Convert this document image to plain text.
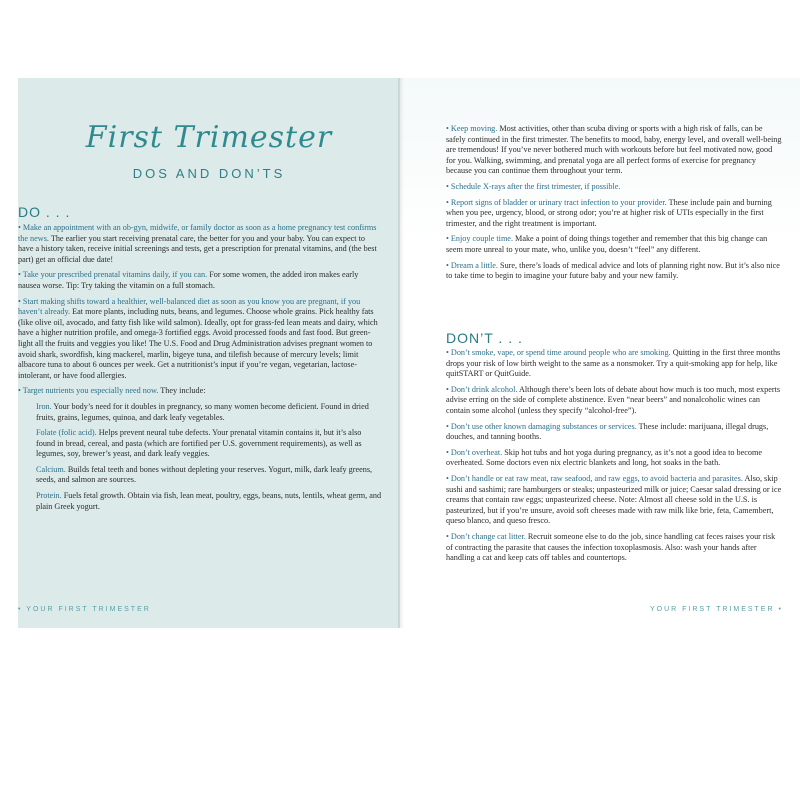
First Trimester
DOS AND DON’TS
DO . . .

• Make an appointment with an ob-gyn, midwife, or family doctor as soon as a home pregnancy test confirms the news. The earlier you start receiving prenatal care, the better for you and your baby. You can expect to have a history taken, receive initial screenings and tests, get a prescription for prenatal vitamins, and (the best part) get an official due date!

• Take your prescribed prenatal vitamins daily, if you can. For some women, the added iron makes early nausea worse. Tip: Try taking the vitamin on a full stomach.

• Start making shifts toward a healthier, well-balanced diet as soon as you know you are pregnant, if you haven’t already. Eat more plants, including nuts, beans, and legumes. Choose whole grains. Pick healthy fats (like olive oil, avocado, and fatty fish like wild salmon). Ideally, opt for grass-fed lean meats and dairy, which have a higher nutrition profile, and omega-3 fortified eggs. Avoid processed foods and fast food. But green-light all the fruits and veggies you like! The U.S. Food and Drug Administration advises pregnant women to avoid shark, swordfish, king mackerel, marlin, bigeye tuna, and tilefish because of mercury levels; limit albacore tuna to about 6 ounces per week. Get a nutritionist’s input if you’re vegan, vegetarian, lactose-intolerant, or have food allergies.

• Target nutrients you especially need now. They include:

Iron. Your body’s need for it doubles in pregnancy, so many women become deficient. Found in dried fruits, grains, legumes, quinoa, and dark leafy vegetables.

Folate (folic acid). Helps prevent neural tube defects. Your prenatal vitamin contains it, but it’s also found in bread, cereal, and pasta (which are fortified per U.S. government requirements), as well as legumes, soy, brewer’s yeast, and dark leafy veggies.

Calcium. Builds fetal teeth and bones without depleting your reserves. Yogurt, milk, dark leafy greens, seeds, and salmon are sources.

Protein. Fuels fetal growth. Obtain via fish, lean meat, poultry, eggs, beans, nuts, lentils, wheat germ, and plain Greek yogurt.

• Keep moving. Most activities, other than scuba diving or sports with a high risk of falls, can be safely continued in the first trimester. The benefits to mood, baby, energy level, and overall well-being are tremendous! If you’ve never bothered much with workouts before but feel motivated now, good for you. Walking, swimming, and prenatal yoga are all perfect forms of exercise for pregnancy because you can continue them throughout your term.

• Schedule X-rays after the first trimester, if possible.

• Report signs of bladder or urinary tract infection to your provider. These include pain and burning when you pee, urgency, blood, or strong odor; you’re at higher risk of UTIs especially in the first trimester, and the right treatment is important.

• Enjoy couple time. Make a point of doing things together and remember that this big change can seem more unreal to your mate, who, unlike you, doesn’t “feel” any different.

• Dream a little. Sure, there’s loads of medical advice and lots of planning right now. But it’s also nice to take time to begin to imagine your future baby and your new family.

DON’T . . .

• Don’t smoke, vape, or spend time around people who are smoking. Quitting in the first three months drops your risk of low birth weight to the same as a nonsmoker. Try a quit-smoking app for help, like quitSTART or QuitGuide.

• Don’t drink alcohol. Although there’s been lots of debate about how much is too much, most experts advise erring on the side of complete abstinence. Even “near beers” and nonalcoholic wines can contain some alcohol (unless they specify “alcohol-free”).

• Don’t use other known damaging substances or services. These include: marijuana, illegal drugs, douches, and tanning booths.

• Don’t overheat. Skip hot tubs and hot yoga during pregnancy, as it’s not a good idea to become overheated. Some doctors even nix electric blankets and long, hot soaks in the bath.

• Don’t handle or eat raw meat, raw seafood, and raw eggs, to avoid bacteria and parasites. Also, skip sushi and sashimi; rare hamburgers or steaks; unpasteurized milk or juice; Caesar salad dressing or ice creams that contain raw eggs; unpasteurized cheese. Note: Almost all cheese sold in the U.S. is pasteurized, but if you’re unsure, avoid soft cheeses made with raw milk like brie, feta, Camembert, queso blanco, and queso fresco.

• Don’t change cat litter. Recruit someone else to do the job, since handling cat feces raises your risk of contracting the parasite that causes the infection toxoplasmosis. Also: wash your hands after handling a cat and keep cats off tables and countertops.

• YOUR FIRST TRIMESTER	YOUR FIRST TRIMESTER •
